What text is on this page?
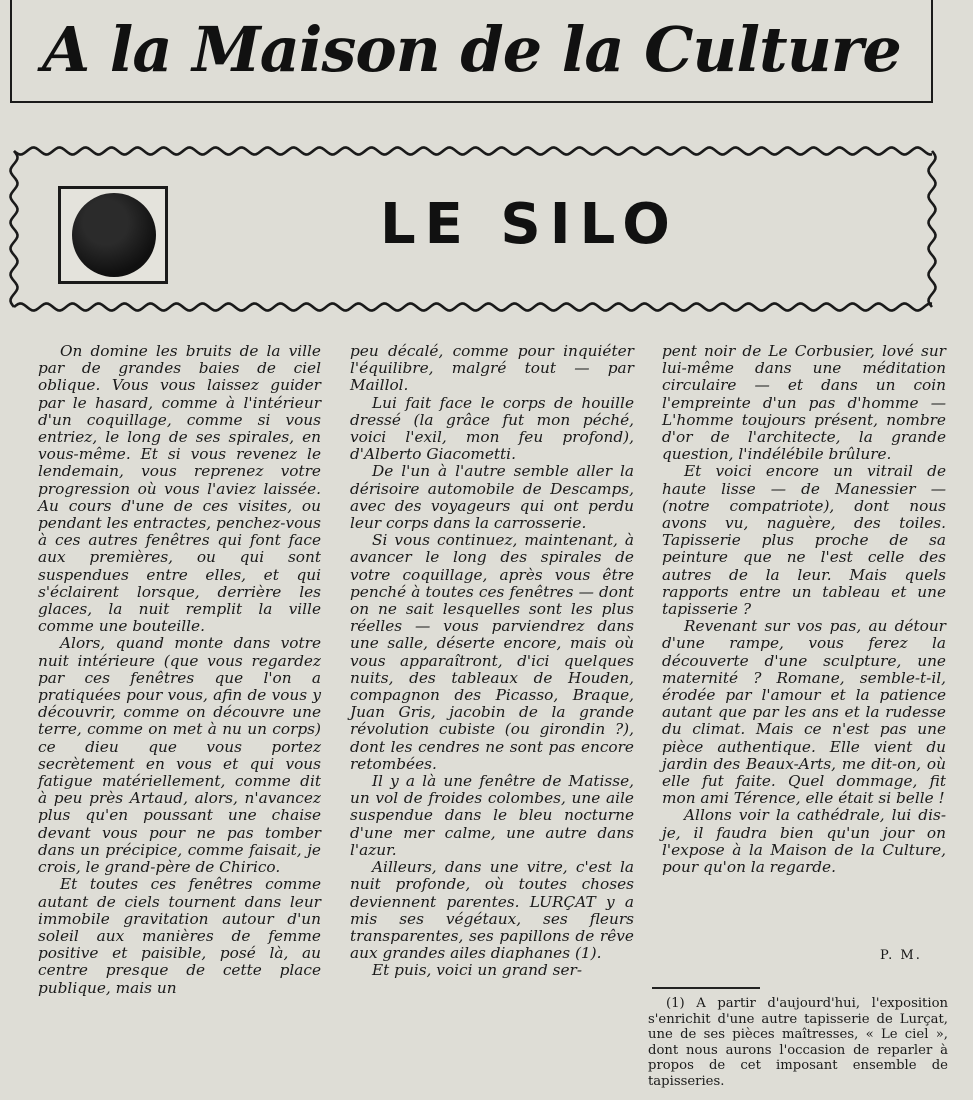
A la Maison de la Culture
LE SILO

On domine les bruits de la ville par de grandes baies de ciel oblique. Vous vous laissez guider par le hasard, comme à l'intérieur d'un coquillage, comme si vous entriez, le long de ses spirales, en vous-même. Et si vous revenez le lendemain, vous reprenez votre progression où vous l'aviez laissée. Au cours d'une de ces visites, ou pendant les entractes, penchez-vous à ces autres fenêtres qui font face aux premières, ou qui sont suspendues entre elles, et qui s'éclairent lorsque, derrière les glaces, la nuit remplit la ville comme une bouteille.

Alors, quand monte dans votre nuit intérieure (que vous regardez par ces fenêtres que l'on a pratiquées pour vous, afin de vous y découvrir, comme on découvre une terre, comme on met à nu un corps) ce dieu que vous portez secrètement en vous et qui vous fatigue matériellement, comme dit à peu près Artaud, alors, n'avancez plus qu'en poussant une chaise devant vous pour ne pas tomber dans un précipice, comme faisait, je crois, le grand-père de Chirico.

Et toutes ces fenêtres comme autant de ciels tournent dans leur immobile gravitation autour d'un soleil aux manières de femme positive et paisible, posé là, au centre presque de cette place publique, mais un

peu décalé, comme pour inquiéter l'équilibre, malgré tout — par Maillol.

Lui fait face le corps de houille dressé (la grâce fut mon péché, voici l'exil, mon feu profond), d'Alberto Giacometti.

De l'un à l'autre semble aller la dérisoire automobile de Descamps, avec des voyageurs qui ont perdu leur corps dans la carrosserie.

Si vous continuez, maintenant, à avancer le long des spirales de votre coquillage, après vous être penché à toutes ces fenêtres — dont on ne sait lesquelles sont les plus réelles — vous parviendrez dans une salle, déserte encore, mais où vous apparaîtront, d'ici quelques nuits, des tableaux de Houden, compagnon des Picasso, Braque, Juan Gris, jacobin de la grande révolution cubiste (ou girondin ?), dont les cendres ne sont pas encore retombées.

Il y a là une fenêtre de Matisse, un vol de froides colombes, une aile suspendue dans le bleu nocturne d'une mer calme, une autre dans l'azur.

Ailleurs, dans une vitre, c'est la nuit profonde, où toutes choses deviennent parentes. LURÇAT y a mis ses végétaux, ses fleurs transparentes, ses papillons de rêve aux grandes ailes diaphanes (1).

Et puis, voici un grand ser-

pent noir de Le Corbusier, lové sur lui-même dans une méditation circulaire — et dans un coin l'empreinte d'un pas d'homme — L'homme toujours présent, nombre d'or de l'architecte, la grande question, l'indélébile brûlure.

Et voici encore un vitrail de haute lisse — de Manessier — (notre compatriote), dont nous avons vu, naguère, des toiles. Tapisserie plus proche de sa peinture que ne l'est celle des autres de la leur. Mais quels rapports entre un tableau et une tapisserie ?

Revenant sur vos pas, au détour d'une rampe, vous ferez la découverte d'une sculpture, une maternité ? Romane, semble-t-il, érodée par l'amour et la patience autant que par les ans et la rudesse du climat. Mais ce n'est pas une pièce authentique. Elle vient du jardin des Beaux-Arts, me dit-on, où elle fut faite. Quel dommage, fit mon ami Térence, elle était si belle !

Allons voir la cathédrale, lui dis-je, il faudra bien qu'un jour on l'expose à la Maison de la Culture, pour qu'on la regarde.

P. M.

(1) A partir d'aujourd'hui, l'exposition s'enrichit d'une autre tapisserie de Lurçat, une de ses pièces maîtresses, « Le ciel », dont nous aurons l'occasion de reparler à propos de cet imposant ensemble de tapisseries.
